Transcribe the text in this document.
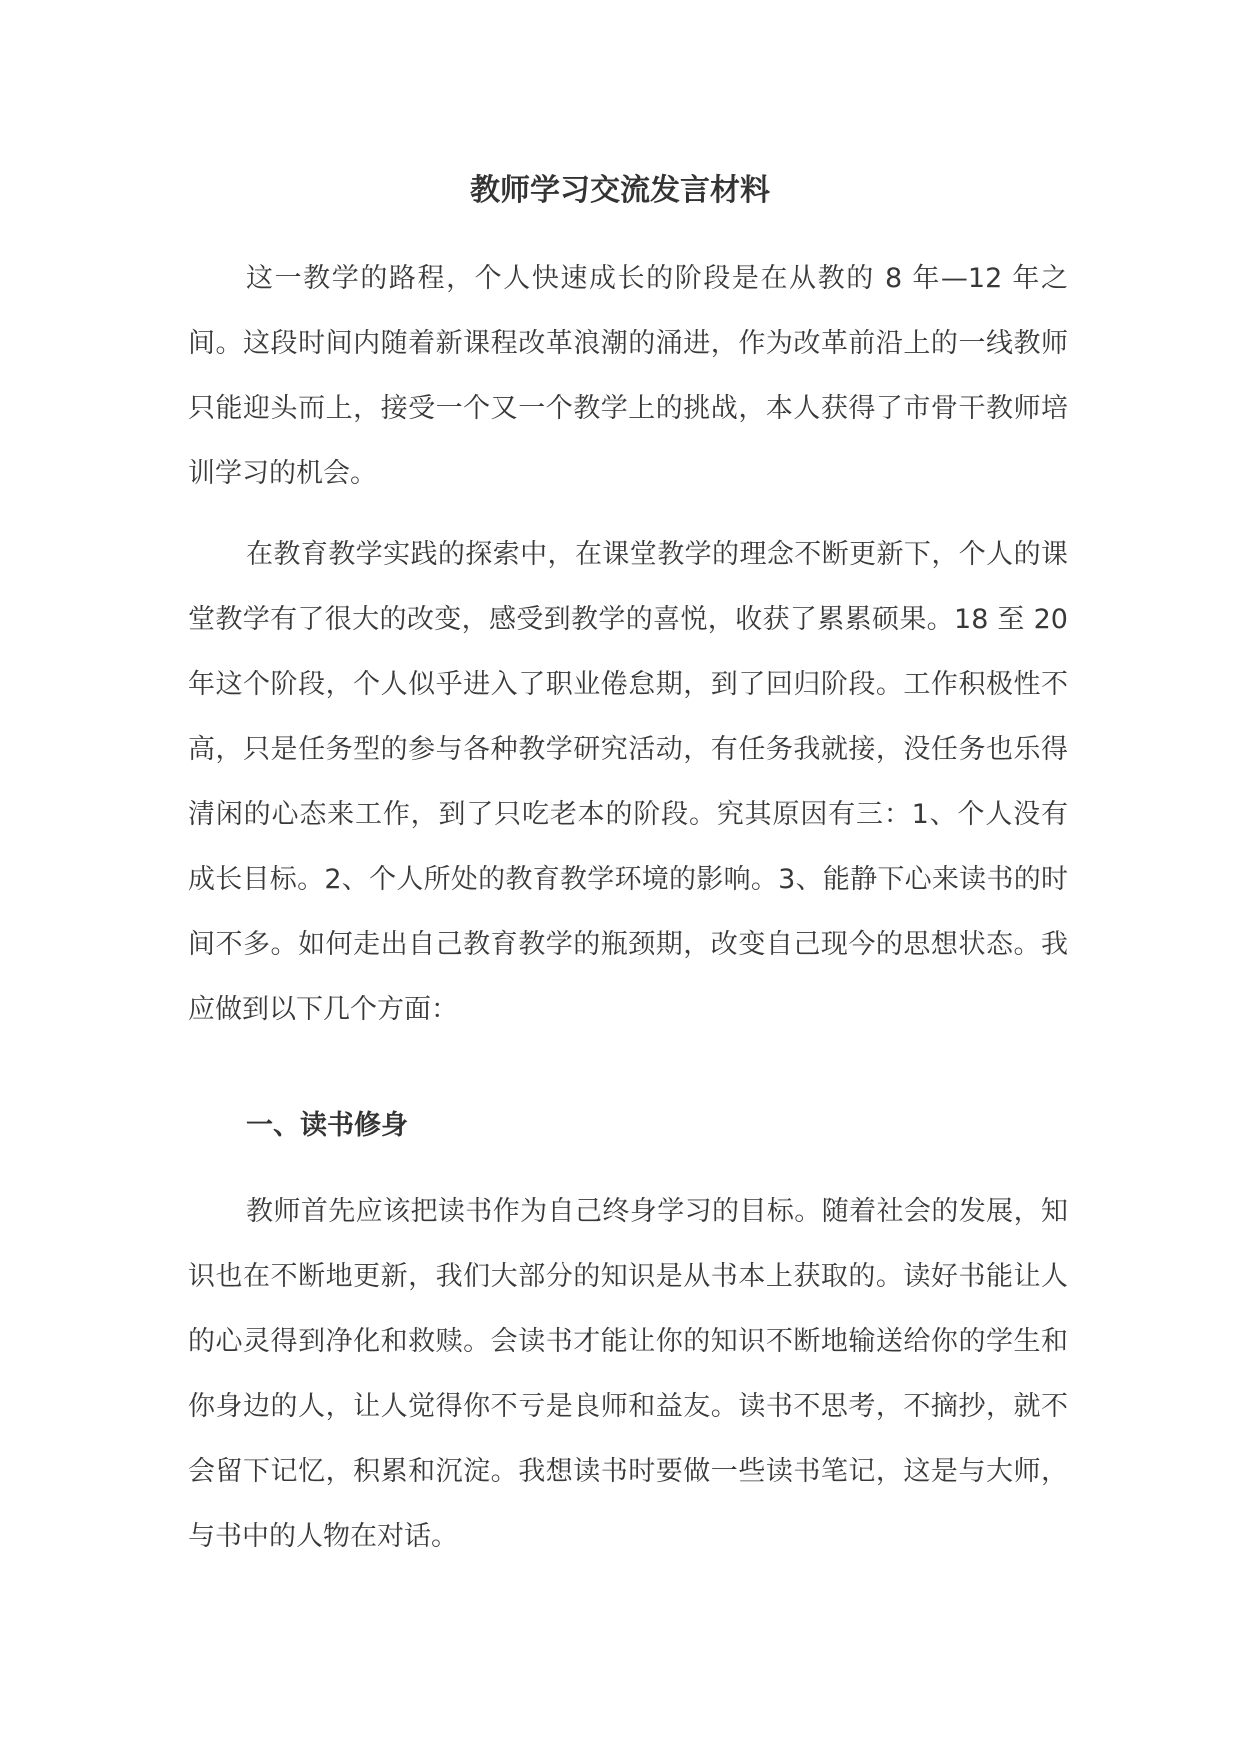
教师学习交流发言材料

这一教学的路程，个人快速成长的阶段是在从教的 8 年—12 年之间。这段时间内随着新课程改革浪潮的涌进，作为改革前沿上的一线教师只能迎头而上，接受一个又一个教学上的挑战，本人获得了市骨干教师培训学习的机会。

在教育教学实践的探索中，在课堂教学的理念不断更新下，个人的课堂教学有了很大的改变，感受到教学的喜悦，收获了累累硕果。18 至 20 年这个阶段，个人似乎进入了职业倦怠期，到了回归阶段。工作积极性不高，只是任务型的参与各种教学研究活动，有任务我就接，没任务也乐得清闲的心态来工作，到了只吃老本的阶段。究其原因有三：1、个人没有成长目标。2、个人所处的教育教学环境的影响。3、能静下心来读书的时间不多。如何走出自己教育教学的瓶颈期，改变自己现今的思想状态。我应做到以下几个方面：

一、读书修身

教师首先应该把读书作为自己终身学习的目标。随着社会的发展，知识也在不断地更新，我们大部分的知识是从书本上获取的。读好书能让人的心灵得到净化和救赎。会读书才能让你的知识不断地输送给你的学生和你身边的人，让人觉得你不亏是良师和益友。读书不思考，不摘抄，就不会留下记忆，积累和沉淀。我想读书时要做一些读书笔记，这是与大师，与书中的人物在对话。
